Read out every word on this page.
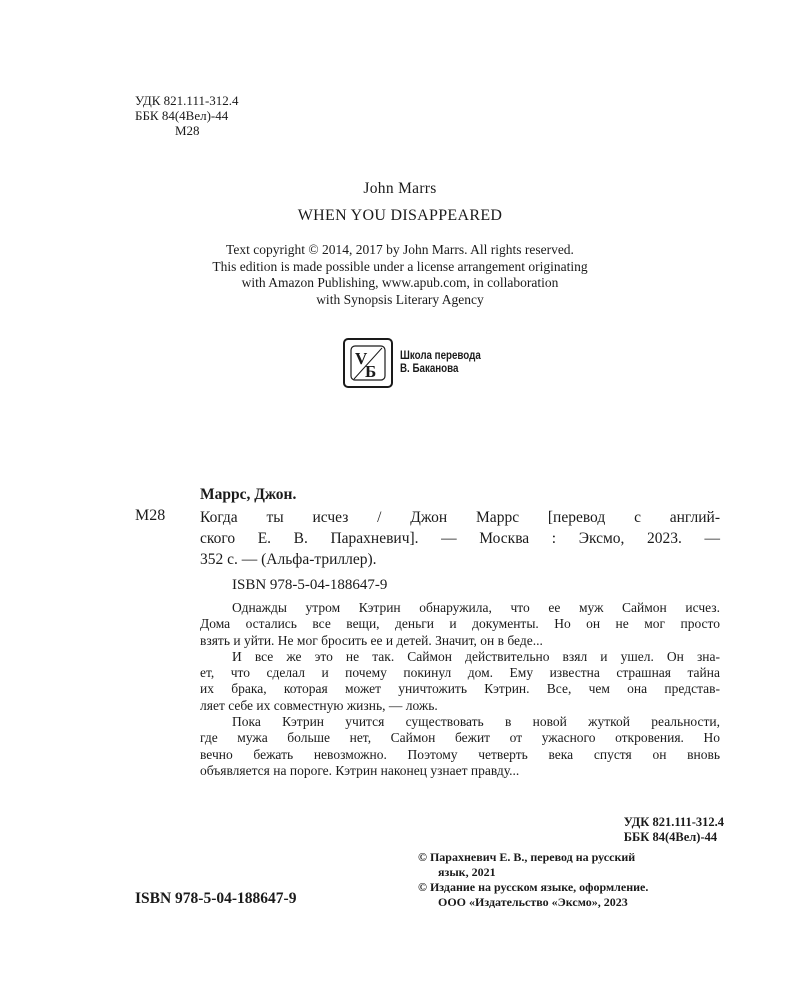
УДК 821.111-312.4
ББК 84(4Вел)-44
М28
John Marrs
WHEN YOU DISAPPEARED
Text copyright © 2014, 2017 by John Marrs. All rights reserved.
This edition is made possible under a license arrangement originating
with Amazon Publishing, www.apub.com, in collaboration
with Synopsis Literary Agency
V
Б
Школа перевода
В. Баканова
Маррс, Джон.
М28 Когда ты исчез / Джон Маррс [перевод с англий-
ского Е. В. Парахневич]. — Москва : Эксмо, 2023. —
352 с. — (Альфа-триллер).
ISBN 978-5-04-188647-9
Однажды утром Кэтрин обнаружила, что ее муж Саймон исчез.
Дома остались все вещи, деньги и документы. Но он не мог просто
взять и уйти. Не мог бросить ее и детей. Значит, он в беде...
И все же это не так. Саймон действительно взял и ушел. Он зна-
ет, что сделал и почему покинул дом. Ему известна страшная тайна
их брака, которая может уничтожить Кэтрин. Все, чем она представ-
ляет себе их совместную жизнь, — ложь.
Пока Кэтрин учится существовать в новой жуткой реальности,
где мужа больше нет, Саймон бежит от ужасного откровения. Но
вечно бежать невозможно. Поэтому четверть века спустя он вновь
объявляется на пороге. Кэтрин наконец узнает правду...
УДК 821.111-312.4
ББК 84(4Вел)-44
© Парахневич Е. В., перевод на русский
язык, 2021
© Издание на русском языке, оформление.
ООО «Издательство «Эксмо», 2023
ISBN 978-5-04-188647-9
